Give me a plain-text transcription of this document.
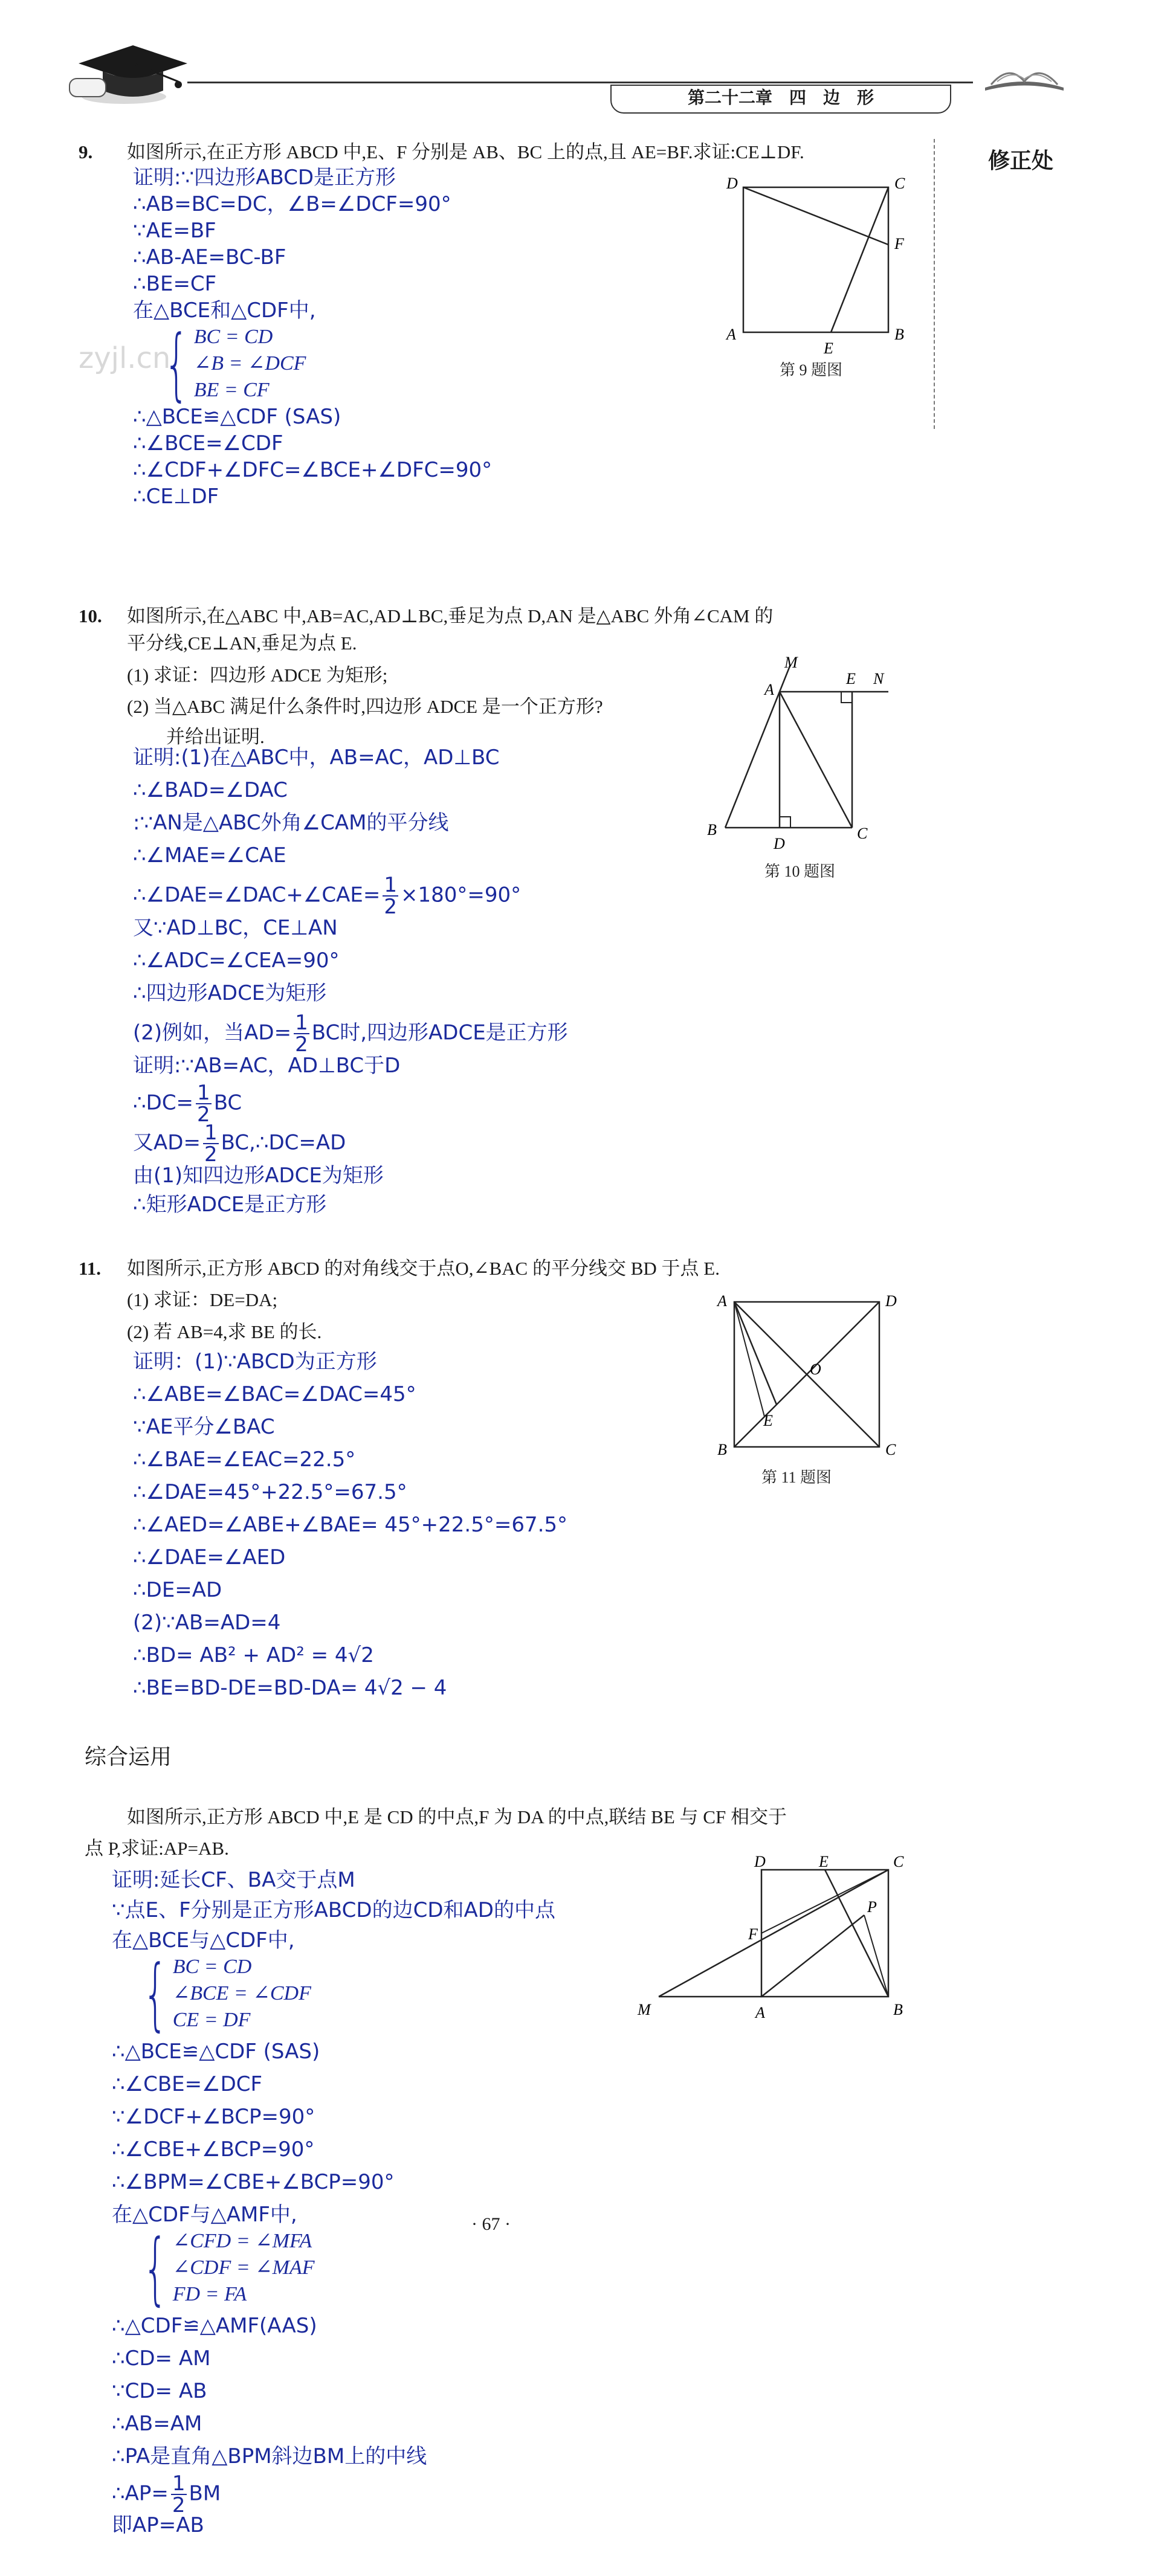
第二十二章　四　边　形
修正处
zyjl.cn
9. 如图所示,在正方形 ABCD 中,E、F 分别是 AB、BC 上的点,且 AE=BF.求证:CE⊥DF.
证明:∵四边形ABCD是正方形
∴AB=BC=DC，∠B=∠DCF=90°
∵AE=BF
∴AB-AE=BC-BF
∴BE=CF
在△BCE和△CDF中,
{ BC = CD
∠B = ∠DCF
BE = CF
∴△BCE≌△CDF (SAS)
∴∠BCE=∠CDF
∴∠CDF+∠DFC=∠BCE+∠DFC=90°
∴CE⊥DF
D	C
F
A	B
E
第 9 题图
10. 如图所示,在△ABC 中,AB=AC,AD⊥BC,垂足为点 D,AN 是△ABC 外角∠CAM 的
平分线,CE⊥AN,垂足为点 E.
(1) 求证：四边形 ADCE 为矩形;
(2) 当△ABC 满足什么条件时,四边形 ADCE 是一个正方形?
并给出证明.
证明:(1)在△ABC中，AB=AC，AD⊥BC
∴∠BAD=∠DAC
:∵AN是△ABC外角∠CAM的平分线
∴∠MAE=∠CAE
∴∠DAE=∠DAC+∠CAE= $\frac{1}{2} \times 180^\circ=90^\circ$
又∵AD⊥BC，CE⊥AN
∴∠ADC=∠CEA=90°
∴四边形ADCE为矩形
(2)例如，当$AD= \frac{1}{2}$ BC时,四边形ADCE是正方形
证明:∵AB=AC，AD⊥BC于D
∴DC= $\frac{1}{2}$ BC
又$AD= \frac{1}{2}$ BC,∴DC=AD
由(1)知四边形ADCE为矩形
∴矩形ADCE是正方形
M
A
E N
B
D
C
第 10 题图
11. 如图所示,正方形 ABCD 的对角线交于点O,∠BAC 的平分线交 BD 于点 E.
(1) 求证：DE=DA;
(2) 若 AB=4,求 BE 的长.
证明：(1)∵ABCD为正方形
∴∠ABE=∠BAC=∠DAC=45°
∵AE平分∠BAC
∴∠BAE=∠EAC=22.5°
∴∠DAE=45°+22.5°=67.5°
∴∠AED=∠ABE+∠BAE= 45°+22.5°=67.5°
∴∠DAE=∠AED
∴DE=AD
(2)∵AB=AD=4
∴BD= AB² + AD² = 4√2
∴BE=BD-DE=BD-DA= 4√2 − 4
A	D
B	C
O
E
第 11 题图
综合运用
如图所示,正方形 ABCD 中,E 是 CD 的中点,F 为 DA 的中点,联结 BE 与 CF 相交于
点 P,求证:AP=AB.
证明:延长CF、BA交于点M
∵点E、F分别是正方形ABCD的边CD和AD的中点
在△BCE与△CDF中,
{ BC = CD
∠BCE = ∠CDF
CE = DF
∴△BCE≌△CDF (SAS)
∴∠CBE=∠DCF
∵∠DCF+∠BCP=90°
∴∠CBE+∠BCP=90°
∴∠BPM=∠CBE+∠BCP=90°
在△CDF与△AMF中,
{ ∠CFD = ∠MFA
∠CDF = ∠MAF
FD = FA
∴△CDF≌△AMF(AAS)
∴CD= AM
∵CD= AB
∴AB=AM
∴PA是直角△BPM斜边BM上的中线
∴AP= $\frac{1}{2}$ BM
即AP=AB
D	E	C
F
P
M	A	B
· 67 ·
